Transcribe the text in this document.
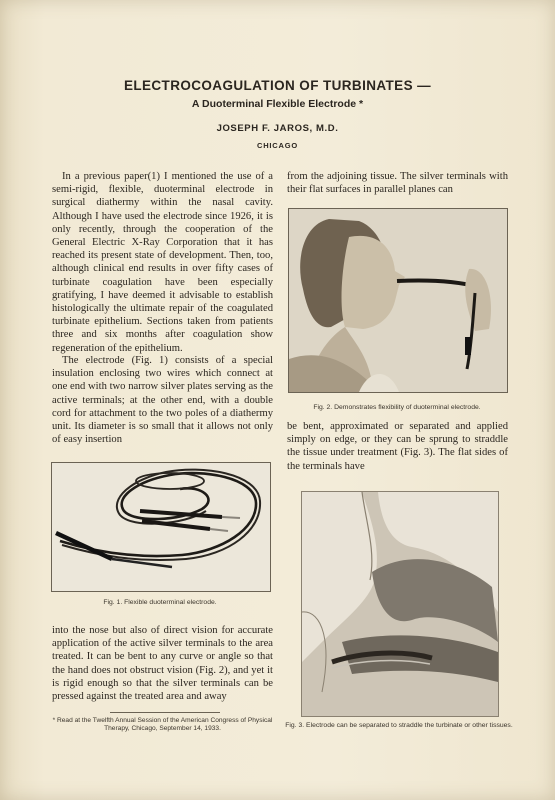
ELECTROCOAGULATION OF TURBINATES —
A Duoterminal Flexible Electrode *
JOSEPH F. JAROS, M.D.
CHICAGO

In a previous paper(1) I mentioned the use of a semi-rigid, flexible, duoterminal electrode in surgical diathermy within the nasal cavity. Although I have used the electrode since 1926, it is only recently, through the cooperation of the General Electric X-Ray Corporation that it has reached its present state of development. Then, too, although clinical end results in over fifty cases of turbinate coagulation have been especially gratifying, I have deemed it advisable to establish histologically the ultimate repair of the coagulated turbinate epithelium. Sections taken from patients three and six months after coagulation show regeneration of the epithelium.

The electrode (Fig. 1) consists of a special insulation enclosing two wires which connect at one end with two narrow silver plates serving as the active terminals; at the other end, with a double cord for attachment to the two poles of a diathermy unit. Its diameter is so small that it allows not only of easy insertion

Fig. 1. Flexible duoterminal electrode.

into the nose but also of direct vision for accurate application of the active silver terminals to the area treated. It can be bent to any curve or angle so that the hand does not obstruct vision (Fig. 2), and yet it is rigid enough so that the silver terminals can be pressed against the treated area and away

* Read at the Twelfth Annual Session of the American Congress of Physical Therapy, Chicago, September 14, 1933.

from the adjoining tissue. The silver terminals with their flat surfaces in parallel planes can

Fig. 2. Demonstrates flexibility of duoterminal electrode.

be bent, approximated or separated and applied simply on edge, or they can be sprung to straddle the tissue under treatment (Fig. 3). The flat sides of the terminals have

Fig. 3. Electrode can be separated to straddle the turbinate or other tissues.
